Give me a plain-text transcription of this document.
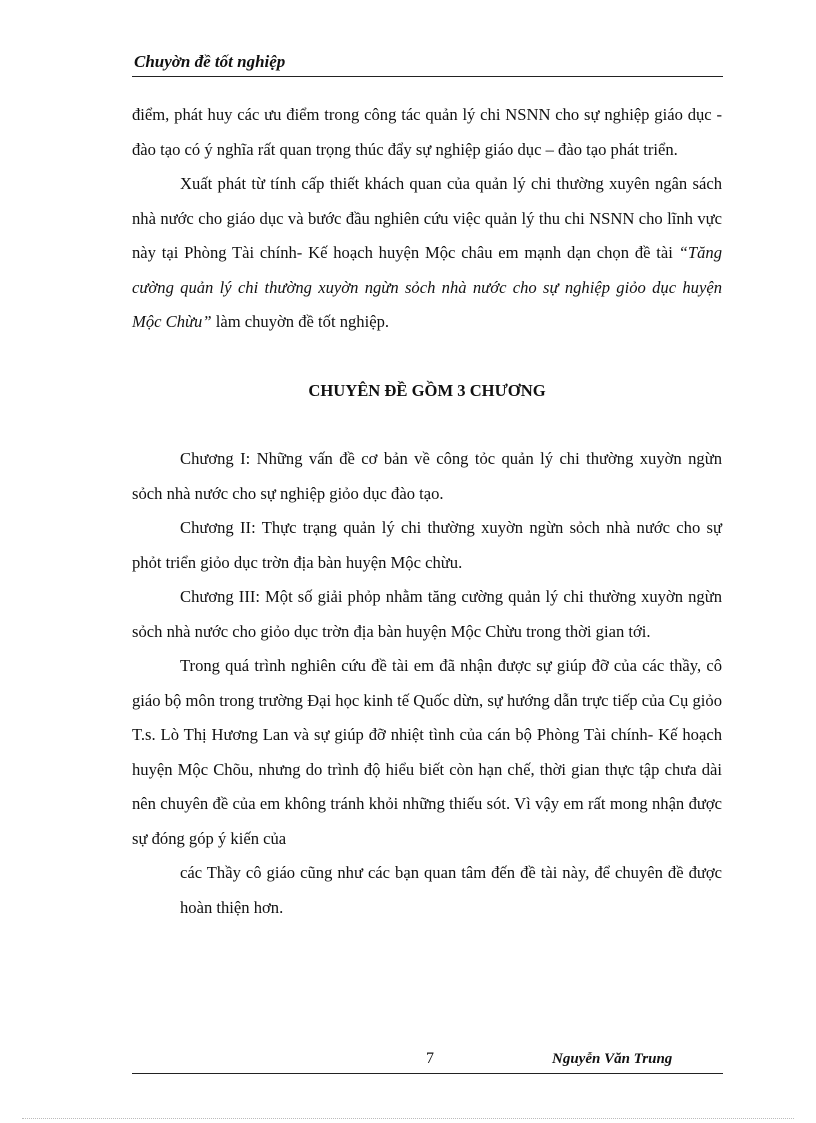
Chuyờn đề tốt nghiệp

điểm, phát huy các ưu điểm trong công tác quản lý chi NSNN cho sự nghiệp giáo dục - đào tạo có ý nghĩa rất quan trọng thúc đẩy sự nghiệp giáo dục – đào tạo phát triển.

Xuất phát từ tính cấp thiết khách quan của quản lý chi thường xuyên ngân sách nhà nước cho giáo dục và bước đầu nghiên cứu việc quản lý thu chi NSNN cho lĩnh vực này tại Phòng Tài chính- Kế hoạch huyện Mộc châu em mạnh dạn chọn đề tài “Tăng cường quản lý chi thường xuyờn ngừn sỏch nhà nước cho sự nghiệp giỏo dục huyện Mộc Chừu” làm chuyờn đề tốt nghiệp.

CHUYÊN ĐỀ GỒM 3 CHƯƠNG

Chương I: Những vấn đề cơ bản về công tỏc quản lý chi thường xuyờn ngừn sỏch nhà nước cho sự nghiệp giỏo dục đào tạo.

Chương II: Thực trạng quản lý chi thường xuyờn ngừn sỏch nhà nước cho sự phỏt triển giỏo dục trờn địa bàn huyện Mộc chừu.

Chương III: Một số giải phỏp nhằm tăng cường quản lý chi thường xuyờn ngừn sỏch nhà nước cho giỏo dục trờn địa bàn huyện Mộc Chừu trong thời gian tới.

Trong quá trình nghiên cứu đề tài em đã nhận được sự giúp đỡ của các thầy, cô giáo bộ môn trong trường Đại học kinh tế Quốc dừn, sự hướng dẫn trực tiếp của Cụ giỏo T.s. Lò Thị Hương Lan và sự giúp đỡ nhiệt tình của cán bộ Phòng Tài chính- Kế hoạch huyện Mộc Chõu, nhưng do trình độ hiểu biết còn hạn chế, thời gian thực tập chưa dài nên chuyên đề của em không tránh khỏi những thiếu sót. Vì vậy em rất mong nhận được sự đóng góp ý kiến của

các Thầy cô giáo cũng như các bạn quan tâm đến đề tài này, để chuyên đề được hoàn thiện hơn.

7	Nguyễn Văn Trung
